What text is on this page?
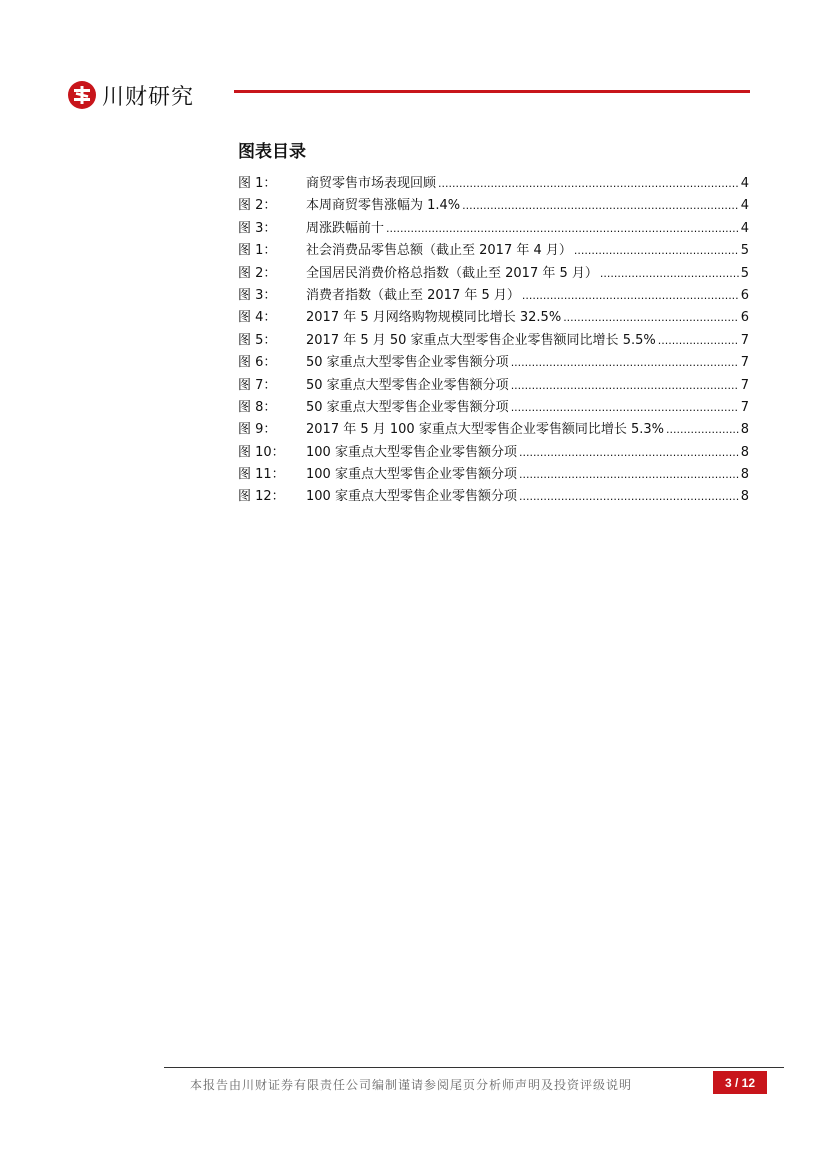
川财研究
图表目录
图 1：	商贸零售市场表现回顾 .....	4
图 2：	本周商贸零售涨幅为 1.4% .....	4
图 3：	周涨跌幅前十 .....	4
图 1：	社会消费品零售总额（截止至 2017 年 4 月） .....	5
图 2：	全国居民消费价格总指数（截止至 2017 年 5 月） .....	5
图 3：	消费者指数（截止至 2017 年 5 月） .....	6
图 4：	2017 年 5 月网络购物规模同比增长 32.5% .....	6
图 5：	2017 年 5 月 50 家重点大型零售企业零售额同比增长 5.5% .....	7
图 6：	50 家重点大型零售企业零售额分项 .....	7
图 7：	50 家重点大型零售企业零售额分项 .....	7
图 8：	50 家重点大型零售企业零售额分项 .....	7
图 9：	2017 年 5 月 100 家重点大型零售企业零售额同比增长 5.3% .....	8
图 10：	100 家重点大型零售企业零售额分项 .....	8
图 11：	100 家重点大型零售企业零售额分项 .....	8
图 12：	100 家重点大型零售企业零售额分项 .....	8
本报告由川财证券有限责任公司编制谨请参阅尾页分析师声明及投资评级说明	3 / 12
